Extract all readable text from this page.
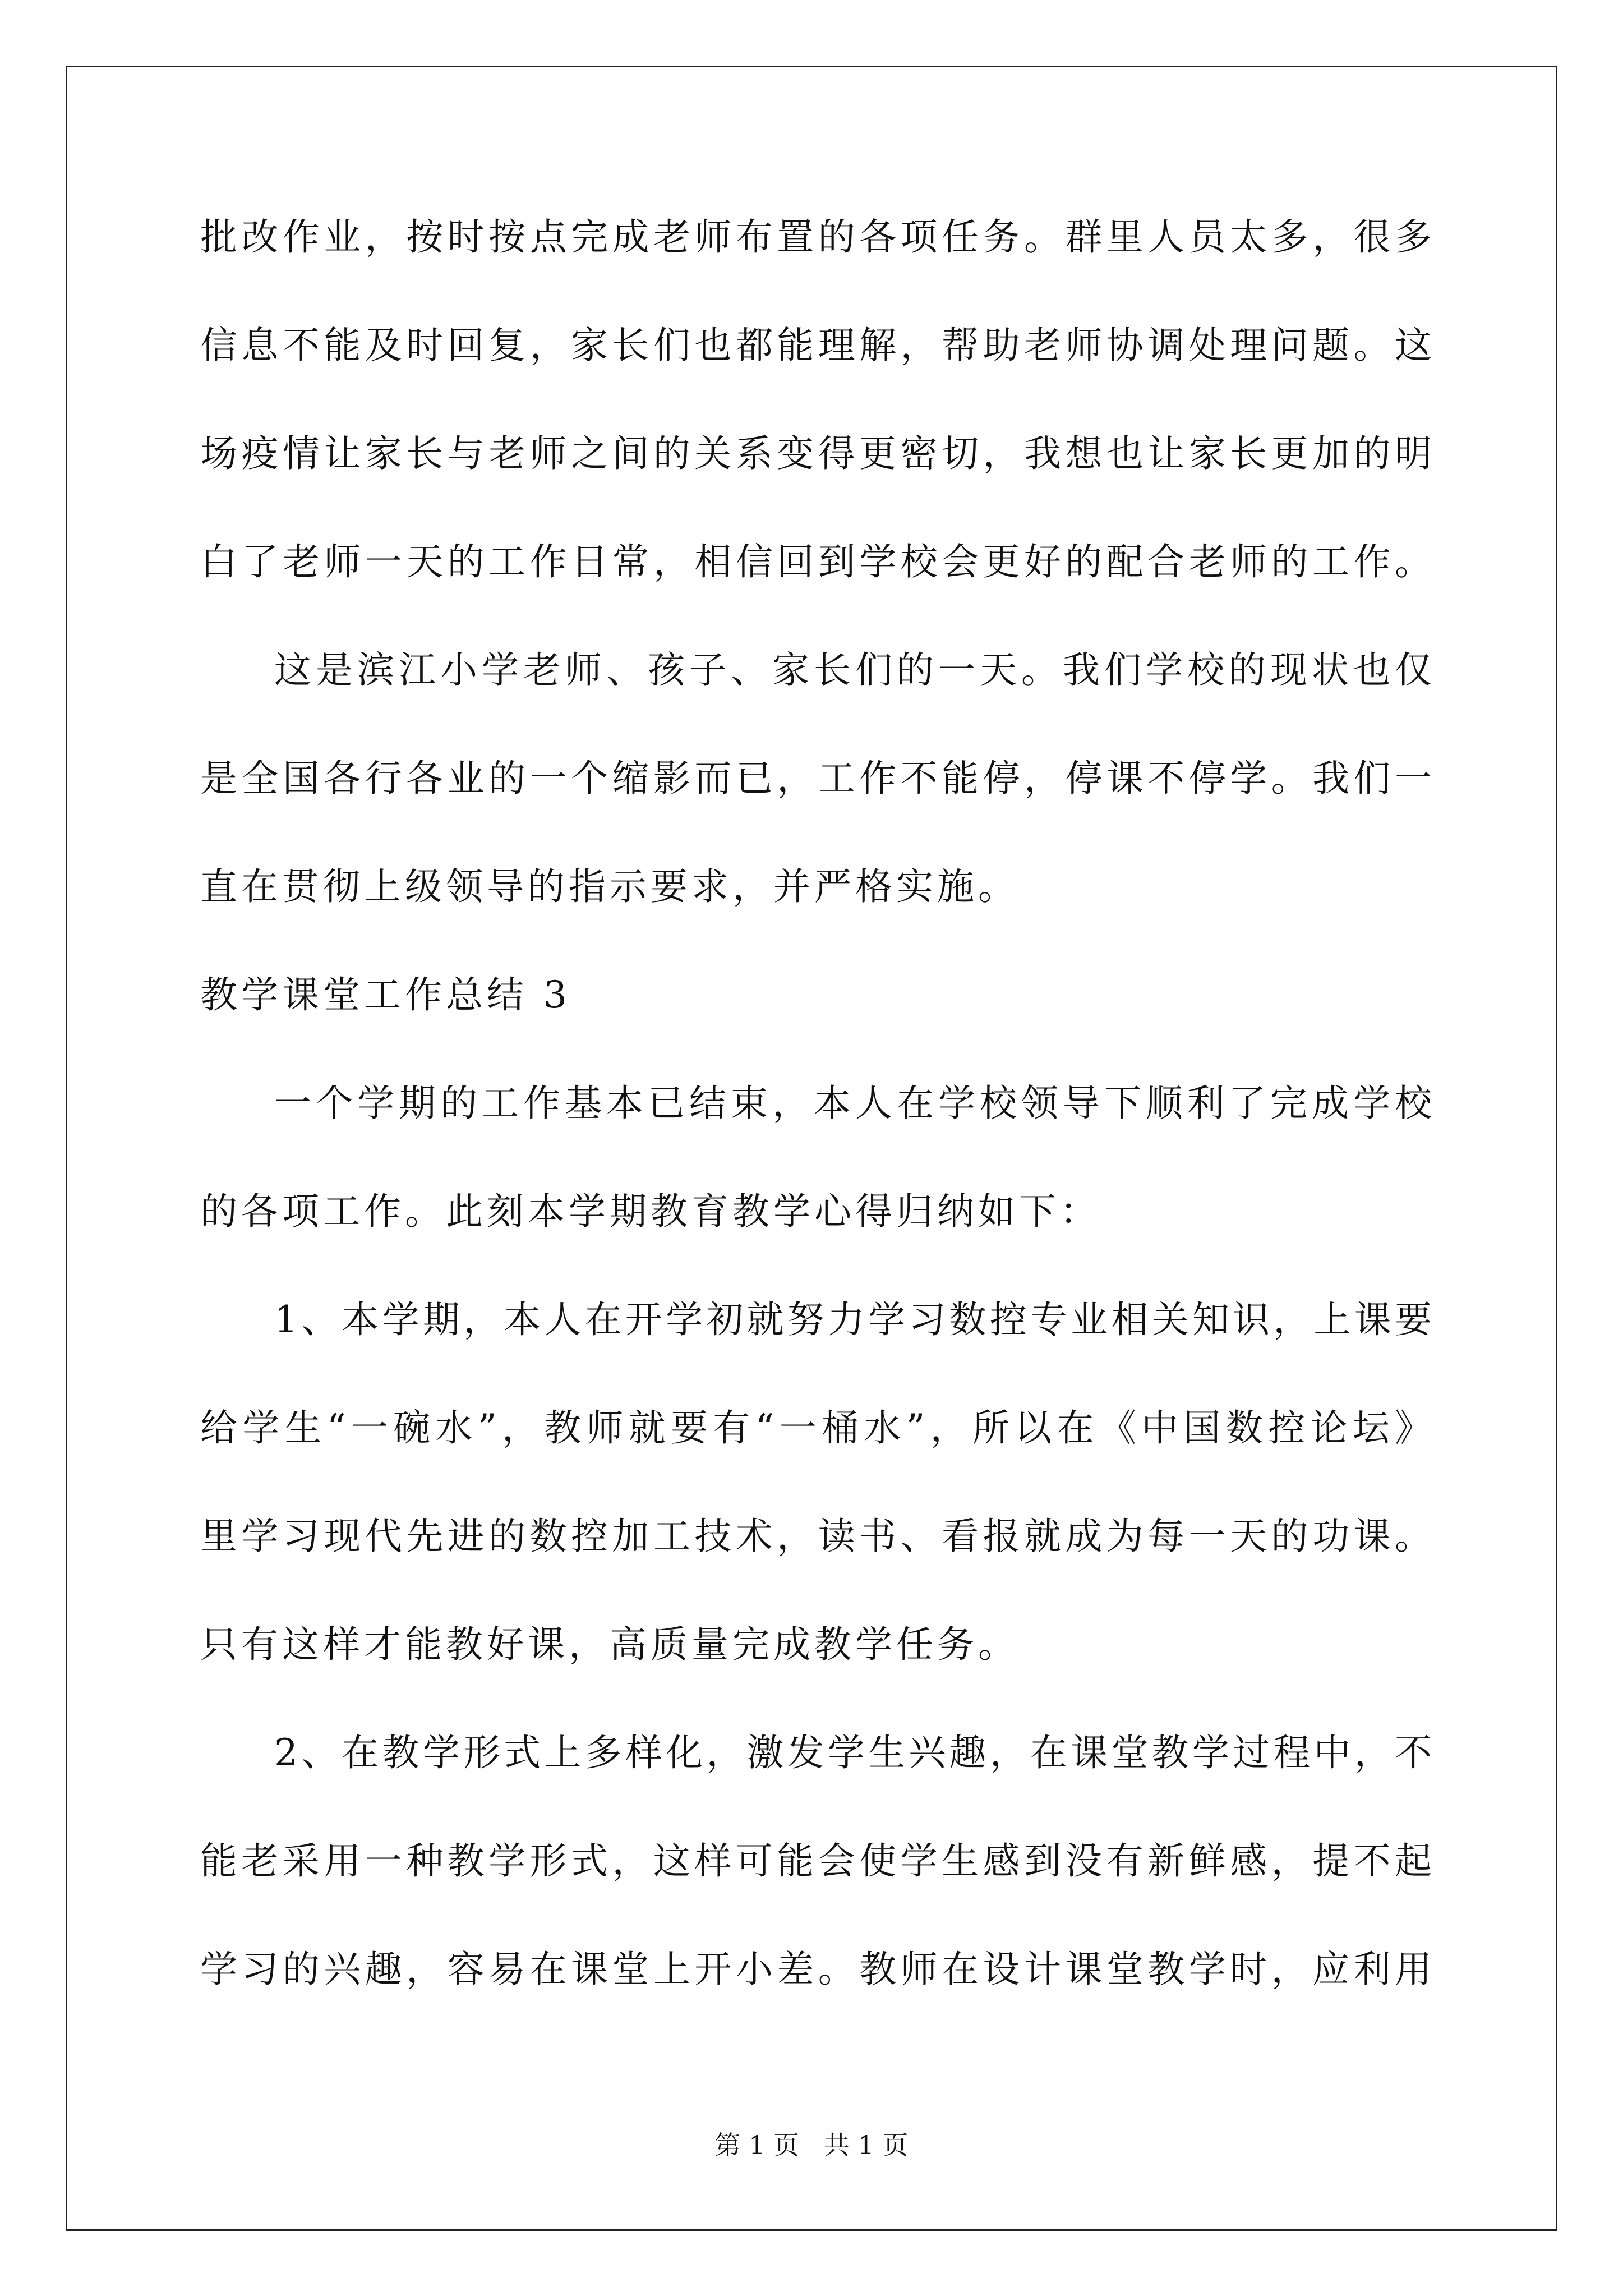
批改作业，按时按点完成老师布置的各项任务。群里人员太多，很多
信息不能及时回复，家长们也都能理解，帮助老师协调处理问题。这
场疫情让家长与老师之间的关系变得更密切，我想也让家长更加的明
白了老师一天的工作日常，相信回到学校会更好的配合老师的工作。
这是滨江小学老师、孩子、家长们的一天。我们学校的现状也仅
是全国各行各业的一个缩影而已，工作不能停，停课不停学。我们一
直在贯彻上级领导的指示要求，并严格实施。
教学课堂工作总结 3
一个学期的工作基本已结束，本人在学校领导下顺利了完成学校
的各项工作。此刻本学期教育教学心得归纳如下：
1、本学期，本人在开学初就努力学习数控专业相关知识，上课要
给学生“一碗水”，教师就要有“一桶水”，所以在《中国数控论坛》
里学习现代先进的数控加工技术，读书、看报就成为每一天的功课。
只有这样才能教好课，高质量完成教学任务。
2、在教学形式上多样化，激发学生兴趣，在课堂教学过程中，不
能老采用一种教学形式，这样可能会使学生感到没有新鲜感，提不起
学习的兴趣，容易在课堂上开小差。教师在设计课堂教学时，应利用
第 1 页   共 1 页
